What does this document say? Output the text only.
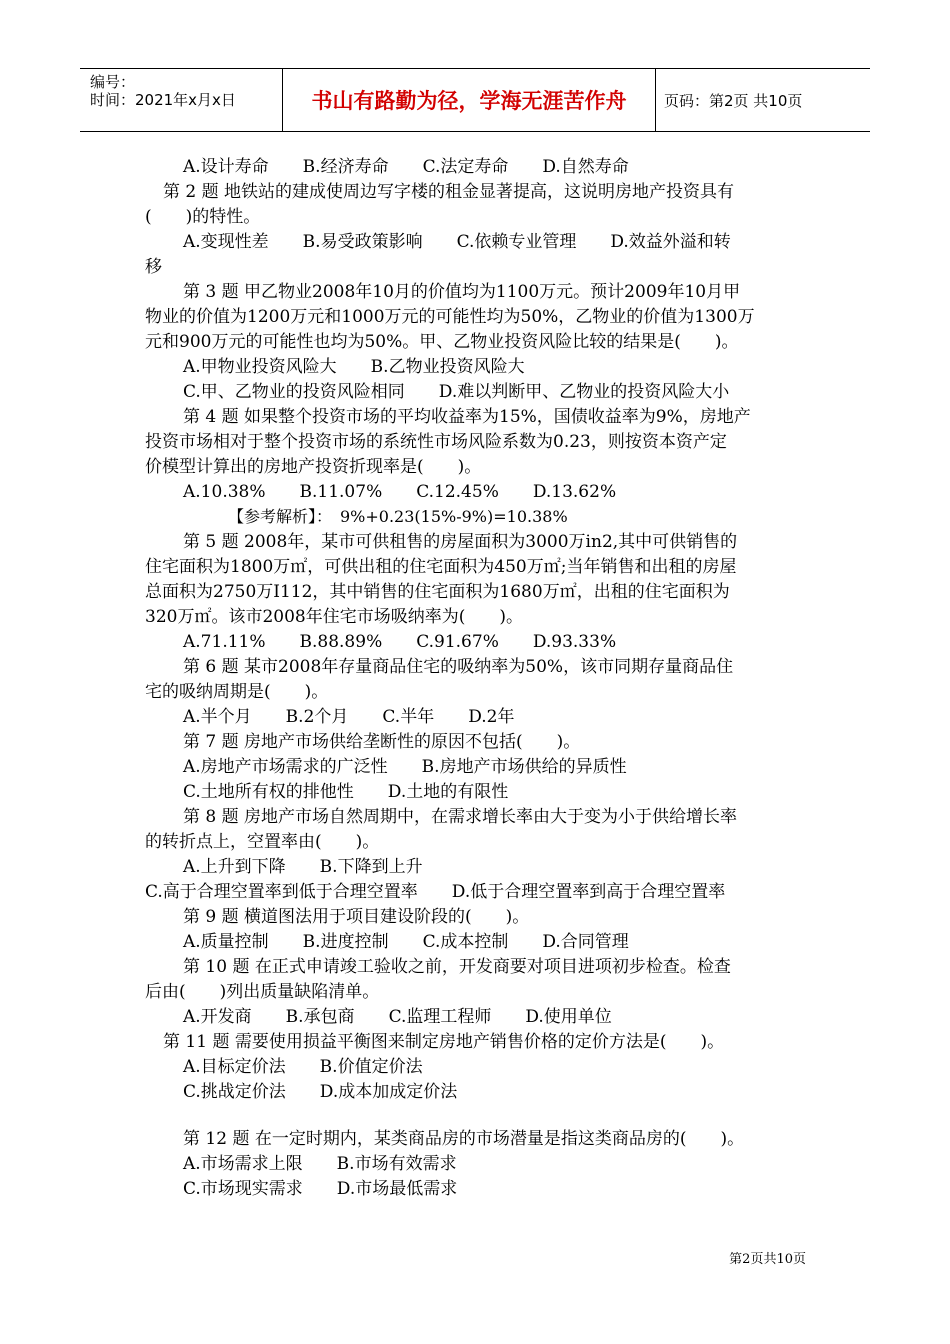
编号：
时间：2021年x月x日	书山有路勤为径，学海无涯苦作舟	页码：第2页 共10页
A.设计寿命　　B.经济寿命　　C.法定寿命　　D.自然寿命
第 2 题 地铁站的建成使周边写字楼的租金显著提高，这说明房地产投资具有
(　　)的特性。
A.变现性差　　B.易受政策影响　　C.依赖专业管理　　D.效益外溢和转
移
第 3 题 甲乙物业2008年10月的价值均为1100万元。预计2009年10月甲
物业的价值为1200万元和1000万元的可能性均为50%，乙物业的价值为1300万
元和900万元的可能性也均为50%。甲、乙物业投资风险比较的结果是(　　)。
A.甲物业投资风险大　　B.乙物业投资风险大
C.甲、乙物业的投资风险相同　　D.难以判断甲、乙物业的投资风险大小
第 4 题 如果整个投资市场的平均收益率为15%，国债收益率为9%，房地产
投资市场相对于整个投资市场的系统性市场风险系数为0.23，则按资本资产定
价模型计算出的房地产投资折现率是(　　)。
A.10.38%　　B.11.07%　　C.12.45%　　D.13.62%
【参考解析】：　9%+0.23(15%-9%)=10.38%
第 5 题 2008年，某市可供租售的房屋面积为3000万in2,其中可供销售的
住宅面积为1800万㎡，可供出租的住宅面积为450万㎡;当年销售和出租的房屋
总面积为2750万I112，其中销售的住宅面积为1680万㎡，出租的住宅面积为
320万㎡。该市2008年住宅市场吸纳率为(　　)。
A.71.11%　　B.88.89%　　C.91.67%　　D.93.33%
第 6 题 某市2008年存量商品住宅的吸纳率为50%，该市同期存量商品住
宅的吸纳周期是(　　)。
A.半个月　　B.2个月　　C.半年　　D.2年
第 7 题 房地产市场供给垄断性的原因不包括(　　)。
A.房地产市场需求的广泛性　　B.房地产市场供给的异质性
C.土地所有权的排他性　　D.土地的有限性
第 8 题 房地产市场自然周期中，在需求增长率由大于变为小于供给增长率
的转折点上，空置率由(　　)。
A.上升到下降　　B.下降到上升
C.高于合理空置率到低于合理空置率　　D.低于合理空置率到高于合理空置率
第 9 题 横道图法用于项目建设阶段的(　　)。
A.质量控制　　B.进度控制　　C.成本控制　　D.合同管理
第 10 题 在正式申请竣工验收之前，开发商要对项目进项初步检查。检查
后由(　　)列出质量缺陷清单。
A.开发商　　B.承包商　　C.监理工程师　　D.使用单位
第 11 题 需要使用损益平衡图来制定房地产销售价格的定价方法是(　　)。
A.目标定价法　　B.价值定价法
C.挑战定价法　　D.成本加成定价法
第 12 题 在一定时期内，某类商品房的市场潜量是指这类商品房的(　　)。
A.市场需求上限　　B.市场有效需求
C.市场现实需求　　D.市场最低需求
第2页共10页
